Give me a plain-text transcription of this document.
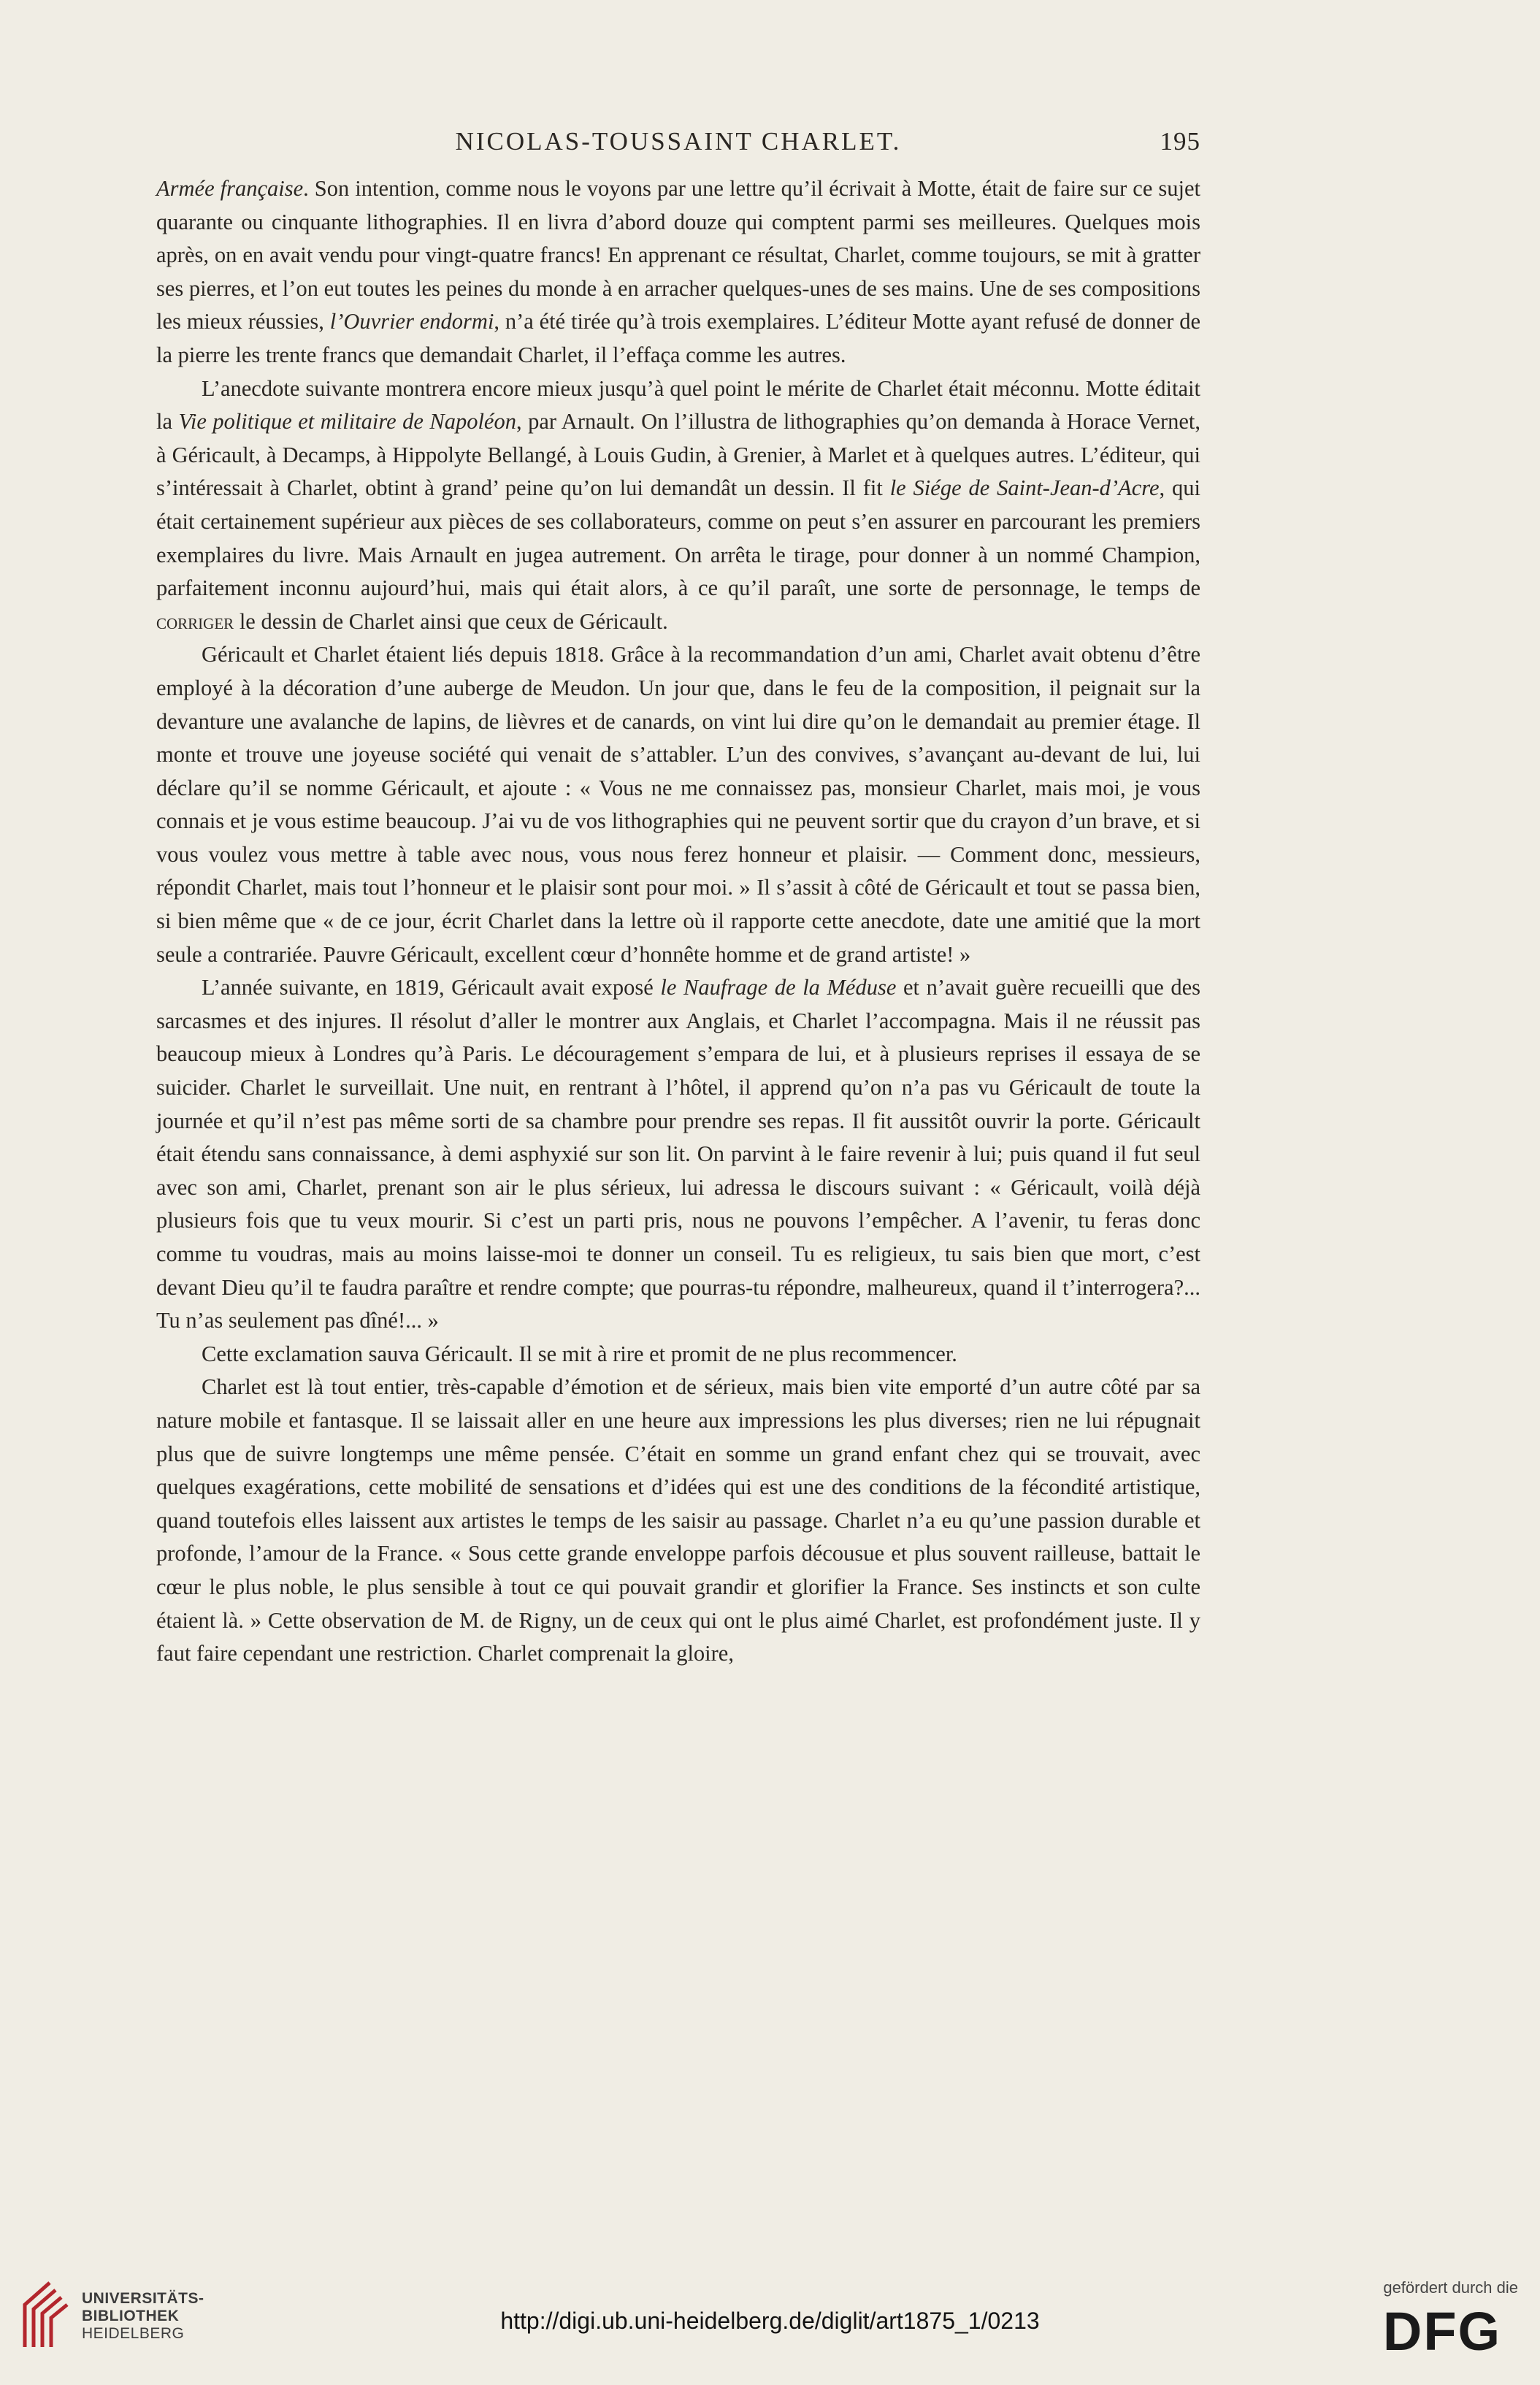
NICOLAS-TOUSSAINT CHARLET.	195

Armée française. Son intention, comme nous le voyons par une lettre qu’il écrivait à Motte, était de faire sur ce sujet quarante ou cinquante lithographies. Il en livra d’abord douze qui comptent parmi ses meilleures. Quelques mois après, on en avait vendu pour vingt-quatre francs! En apprenant ce résultat, Charlet, comme toujours, se mit à gratter ses pierres, et l’on eut toutes les peines du monde à en arracher quelques-unes de ses mains. Une de ses compositions les mieux réussies, l’Ouvrier endormi, n’a été tirée qu’à trois exemplaires. L’éditeur Motte ayant refusé de donner de la pierre les trente francs que demandait Charlet, il l’effaça comme les autres.

L’anecdote suivante montrera encore mieux jusqu’à quel point le mérite de Charlet était méconnu. Motte éditait la Vie politique et militaire de Napoléon, par Arnault. On l’illustra de lithographies qu’on demanda à Horace Vernet, à Géricault, à Decamps, à Hippolyte Bellangé, à Louis Gudin, à Grenier, à Marlet et à quelques autres. L’éditeur, qui s’intéressait à Charlet, obtint à grand’ peine qu’on lui demandât un dessin. Il fit le Siége de Saint-Jean-d’Acre, qui était certainement supérieur aux pièces de ses collaborateurs, comme on peut s’en assurer en parcourant les premiers exemplaires du livre. Mais Arnault en jugea autrement. On arrêta le tirage, pour donner à un nommé Champion, parfaitement inconnu aujourd’hui, mais qui était alors, à ce qu’il paraît, une sorte de personnage, le temps de corriger le dessin de Charlet ainsi que ceux de Géricault.

Géricault et Charlet étaient liés depuis 1818. Grâce à la recommandation d’un ami, Charlet avait obtenu d’être employé à la décoration d’une auberge de Meudon. Un jour que, dans le feu de la composition, il peignait sur la devanture une avalanche de lapins, de lièvres et de canards, on vint lui dire qu’on le demandait au premier étage. Il monte et trouve une joyeuse société qui venait de s’attabler. L’un des convives, s’avançant au-devant de lui, lui déclare qu’il se nomme Géricault, et ajoute : « Vous ne me connaissez pas, monsieur Charlet, mais moi, je vous connais et je vous estime beaucoup. J’ai vu de vos lithographies qui ne peuvent sortir que du crayon d’un brave, et si vous voulez vous mettre à table avec nous, vous nous ferez honneur et plaisir. — Comment donc, messieurs, répondit Charlet, mais tout l’honneur et le plaisir sont pour moi. » Il s’assit à côté de Géricault et tout se passa bien, si bien même que « de ce jour, écrit Charlet dans la lettre où il rapporte cette anecdote, date une amitié que la mort seule a contrariée. Pauvre Géricault, excellent cœur d’honnête homme et de grand artiste! »

L’année suivante, en 1819, Géricault avait exposé le Naufrage de la Méduse et n’avait guère recueilli que des sarcasmes et des injures. Il résolut d’aller le montrer aux Anglais, et Charlet l’accompagna. Mais il ne réussit pas beaucoup mieux à Londres qu’à Paris. Le découragement s’empara de lui, et à plusieurs reprises il essaya de se suicider. Charlet le surveillait. Une nuit, en rentrant à l’hôtel, il apprend qu’on n’a pas vu Géricault de toute la journée et qu’il n’est pas même sorti de sa chambre pour prendre ses repas. Il fit aussitôt ouvrir la porte. Géricault était étendu sans connaissance, à demi asphyxié sur son lit. On parvint à le faire revenir à lui; puis quand il fut seul avec son ami, Charlet, prenant son air le plus sérieux, lui adressa le discours suivant : « Géricault, voilà déjà plusieurs fois que tu veux mourir. Si c’est un parti pris, nous ne pouvons l’empêcher. A l’avenir, tu feras donc comme tu voudras, mais au moins laisse-moi te donner un conseil. Tu es religieux, tu sais bien que mort, c’est devant Dieu qu’il te faudra paraître et rendre compte; que pourras-tu répondre, malheureux, quand il t’interrogera?... Tu n’as seulement pas dîné!... »

Cette exclamation sauva Géricault. Il se mit à rire et promit de ne plus recommencer.

Charlet est là tout entier, très-capable d’émotion et de sérieux, mais bien vite emporté d’un autre côté par sa nature mobile et fantasque. Il se laissait aller en une heure aux impressions les plus diverses; rien ne lui répugnait plus que de suivre longtemps une même pensée. C’était en somme un grand enfant chez qui se trouvait, avec quelques exagérations, cette mobilité de sensations et d’idées qui est une des conditions de la fécondité artistique, quand toutefois elles laissent aux artistes le temps de les saisir au passage. Charlet n’a eu qu’une passion durable et profonde, l’amour de la France. « Sous cette grande enveloppe parfois décousue et plus souvent railleuse, battait le cœur le plus noble, le plus sensible à tout ce qui pouvait grandir et glorifier la France. Ses instincts et son culte étaient là. » Cette observation de M. de Rigny, un de ceux qui ont le plus aimé Charlet, est profondément juste. Il y faut faire cependant une restriction. Charlet comprenait la gloire,

UNIVERSITÄTS-
BIBLIOTHEK
HEIDELBERG	http://digi.ub.uni-heidelberg.de/diglit/art1875_1/0213
gefördert durch die
DFG
